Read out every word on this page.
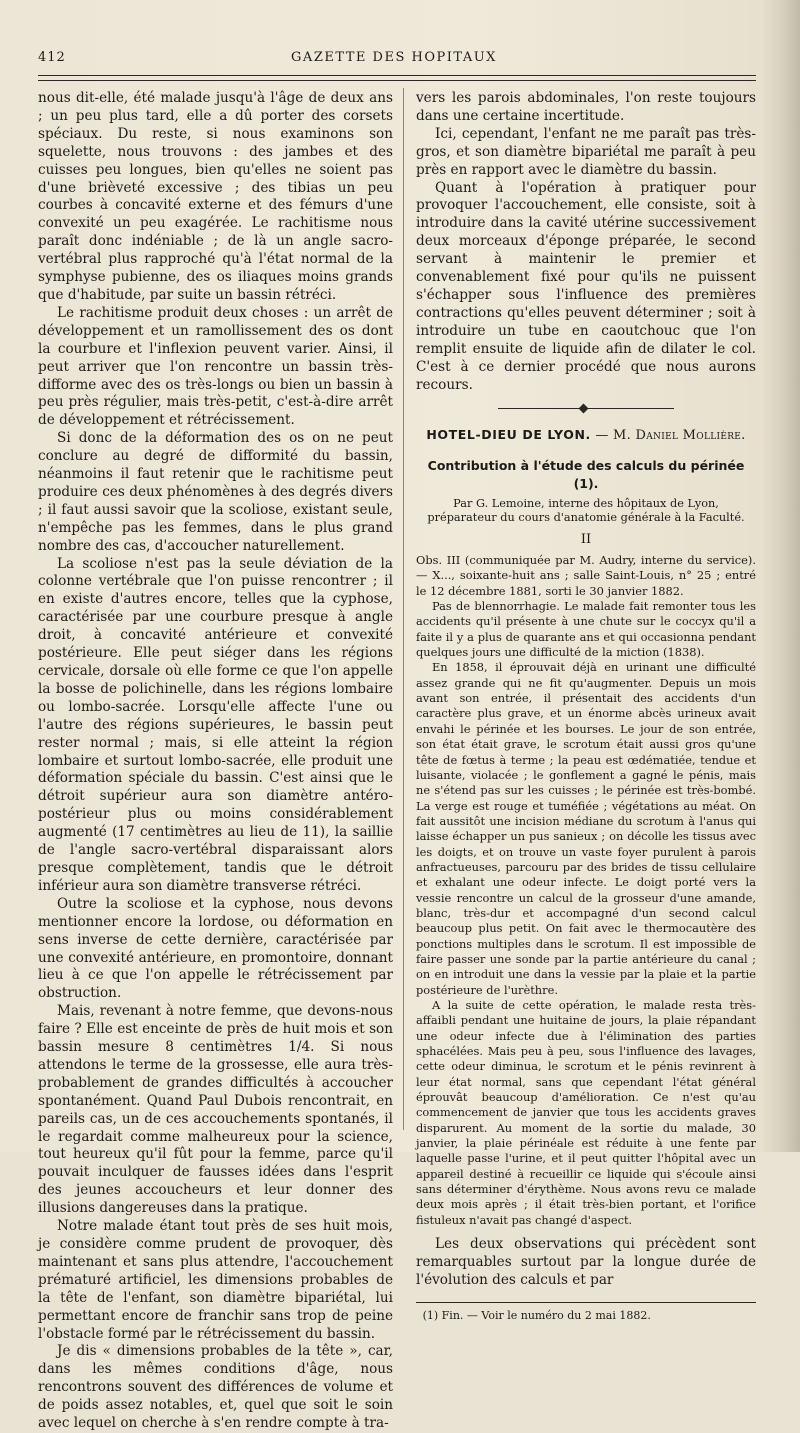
412	GAZETTE DES HOPITAUX

nous dit-elle, été malade jusqu'à l'âge de deux ans ; un peu plus tard, elle a dû porter des corsets spéciaux. Du reste, si nous examinons son squelette, nous trouvons : des jambes et des cuisses peu longues, bien qu'elles ne soient pas d'une brièveté excessive ; des tibias un peu courbes à concavité externe et des fémurs d'une convexité un peu exagérée. Le rachitisme nous paraît donc indéniable ; de là un angle sacro-vertébral plus rapproché qu'à l'état normal de la symphyse pubienne, des os iliaques moins grands que d'habitude, par suite un bassin rétréci.

Le rachitisme produit deux choses : un arrêt de développement et un ramollissement des os dont la courbure et l'inflexion peuvent varier. Ainsi, il peut arriver que l'on rencontre un bassin très-difforme avec des os très-longs ou bien un bassin à peu près régulier, mais très-petit, c'est-à-dire arrêt de développement et rétrécissement.

Si donc de la déformation des os on ne peut conclure au degré de difformité du bassin, néanmoins il faut retenir que le rachitisme peut produire ces deux phénomènes à des degrés divers ; il faut aussi savoir que la scoliose, existant seule, n'empêche pas les femmes, dans le plus grand nombre des cas, d'accoucher naturellement.

La scoliose n'est pas la seule déviation de la colonne vertébrale que l'on puisse rencontrer ; il en existe d'autres encore, telles que la cyphose, caractérisée par une courbure presque à angle droit, à concavité antérieure et convexité postérieure. Elle peut siéger dans les régions cervicale, dorsale où elle forme ce que l'on appelle la bosse de polichinelle, dans les régions lombaire ou lombo-sacrée. Lorsqu'elle affecte l'une ou l'autre des régions supérieures, le bassin peut rester normal ; mais, si elle atteint la région lombaire et surtout lombo-sacrée, elle produit une déformation spéciale du bassin. C'est ainsi que le détroit supérieur aura son diamètre antéro-postérieur plus ou moins considérablement augmenté (17 centimètres au lieu de 11), la saillie de l'angle sacro-vertébral disparaissant alors presque complètement, tandis que le détroit inférieur aura son diamètre transverse rétréci.

Outre la scoliose et la cyphose, nous devons mentionner encore la lordose, ou déformation en sens inverse de cette dernière, caractérisée par une convexité antérieure, en promontoire, donnant lieu à ce que l'on appelle le rétrécissement par obstruction.

Mais, revenant à notre femme, que devons-nous faire ? Elle est enceinte de près de huit mois et son bassin mesure 8 centimètres 1/4. Si nous attendons le terme de la grossesse, elle aura très-probablement de grandes difficultés à accoucher spontanément. Quand Paul Dubois rencontrait, en pareils cas, un de ces accouchements spontanés, il le regardait comme malheureux pour la science, tout heureux qu'il fût pour la femme, parce qu'il pouvait inculquer de fausses idées dans l'esprit des jeunes accoucheurs et leur donner des illusions dangereuses dans la pratique.

Notre malade étant tout près de ses huit mois, je considère comme prudent de provoquer, dès maintenant et sans plus attendre, l'accouchement prématuré artificiel, les dimensions probables de la tête de l'enfant, son diamètre bipariétal, lui permettant encore de franchir sans trop de peine l'obstacle formé par le rétrécissement du bassin.

Je dis « dimensions probables de la tête », car, dans les mêmes conditions d'âge, nous rencontrons souvent des différences de volume et de poids assez notables, et, quel que soit le soin avec lequel on cherche à s'en rendre compte à tra-

vers les parois abdominales, l'on reste toujours dans une certaine incertitude.

Ici, cependant, l'enfant ne me paraît pas très-gros, et son diamètre bipariétal me paraît à peu près en rapport avec le diamètre du bassin.

Quant à l'opération à pratiquer pour provoquer l'accouchement, elle consiste, soit à introduire dans la cavité utérine successivement deux morceaux d'éponge préparée, le second servant à maintenir le premier et convenablement fixé pour qu'ils ne puissent s'échapper sous l'influence des premières contractions qu'elles peuvent déterminer ; soit à introduire un tube en caoutchouc que l'on remplit ensuite de liquide afin de dilater le col. C'est à ce dernier procédé que nous aurons recours.

HOTEL-DIEU DE LYON. — M. Daniel Mollière.
Contribution à l'étude des calculs du périnée (1).
Par G. Lemoine, interne des hôpitaux de Lyon,
préparateur du cours d'anatomie générale à la Faculté.
II

Obs. III (communiquée par M. Audry, interne du service). — X..., soixante-huit ans ; salle Saint-Louis, n° 25 ; entré le 12 décembre 1881, sorti le 30 janvier 1882.

Pas de blennorrhagie. Le malade fait remonter tous les accidents qu'il présente à une chute sur le coccyx qu'il a faite il y a plus de quarante ans et qui occasionna pendant quelques jours une difficulté de la miction (1838).

En 1858, il éprouvait déjà en urinant une difficulté assez grande qui ne fit qu'augmenter. Depuis un mois avant son entrée, il présentait des accidents d'un caractère plus grave, et un énorme abcès urineux avait envahi le périnée et les bourses. Le jour de son entrée, son état était grave, le scrotum était aussi gros qu'une tête de fœtus à terme ; la peau est œdématiée, tendue et luisante, violacée ; le gonflement a gagné le pénis, mais ne s'étend pas sur les cuisses ; le périnée est très-bombé. La verge est rouge et tuméfiée ; végétations au méat. On fait aussitôt une incision médiane du scrotum à l'anus qui laisse échapper un pus sanieux ; on décolle les tissus avec les doigts, et on trouve un vaste foyer purulent à parois anfractueuses, parcouru par des brides de tissu cellulaire et exhalant une odeur infecte. Le doigt porté vers la vessie rencontre un calcul de la grosseur d'une amande, blanc, très-dur et accompagné d'un second calcul beaucoup plus petit. On fait avec le thermocautère des ponctions multiples dans le scrotum. Il est impossible de faire passer une sonde par la partie antérieure du canal ; on en introduit une dans la vessie par la plaie et la partie postérieure de l'urèthre.

A la suite de cette opération, le malade resta très-affaibli pendant une huitaine de jours, la plaie répandant une odeur infecte due à l'élimination des parties sphacélées. Mais peu à peu, sous l'influence des lavages, cette odeur diminua, le scrotum et le pénis revinrent à leur état normal, sans que cependant l'état général éprouvât beaucoup d'amélioration. Ce n'est qu'au commencement de janvier que tous les accidents graves disparurent. Au moment de la sortie du malade, 30 janvier, la plaie périnéale est réduite à une fente par laquelle passe l'urine, et il peut quitter l'hôpital avec un appareil destiné à recueillir ce liquide qui s'écoule ainsi sans déterminer d'érythème. Nous avons revu ce malade deux mois après ; il était très-bien portant, et l'orifice fistuleux n'avait pas changé d'aspect.

Les deux observations qui précèdent sont remarquables surtout par la longue durée de l'évolution des calculs et par

(1) Fin. — Voir le numéro du 2 mai 1882.
